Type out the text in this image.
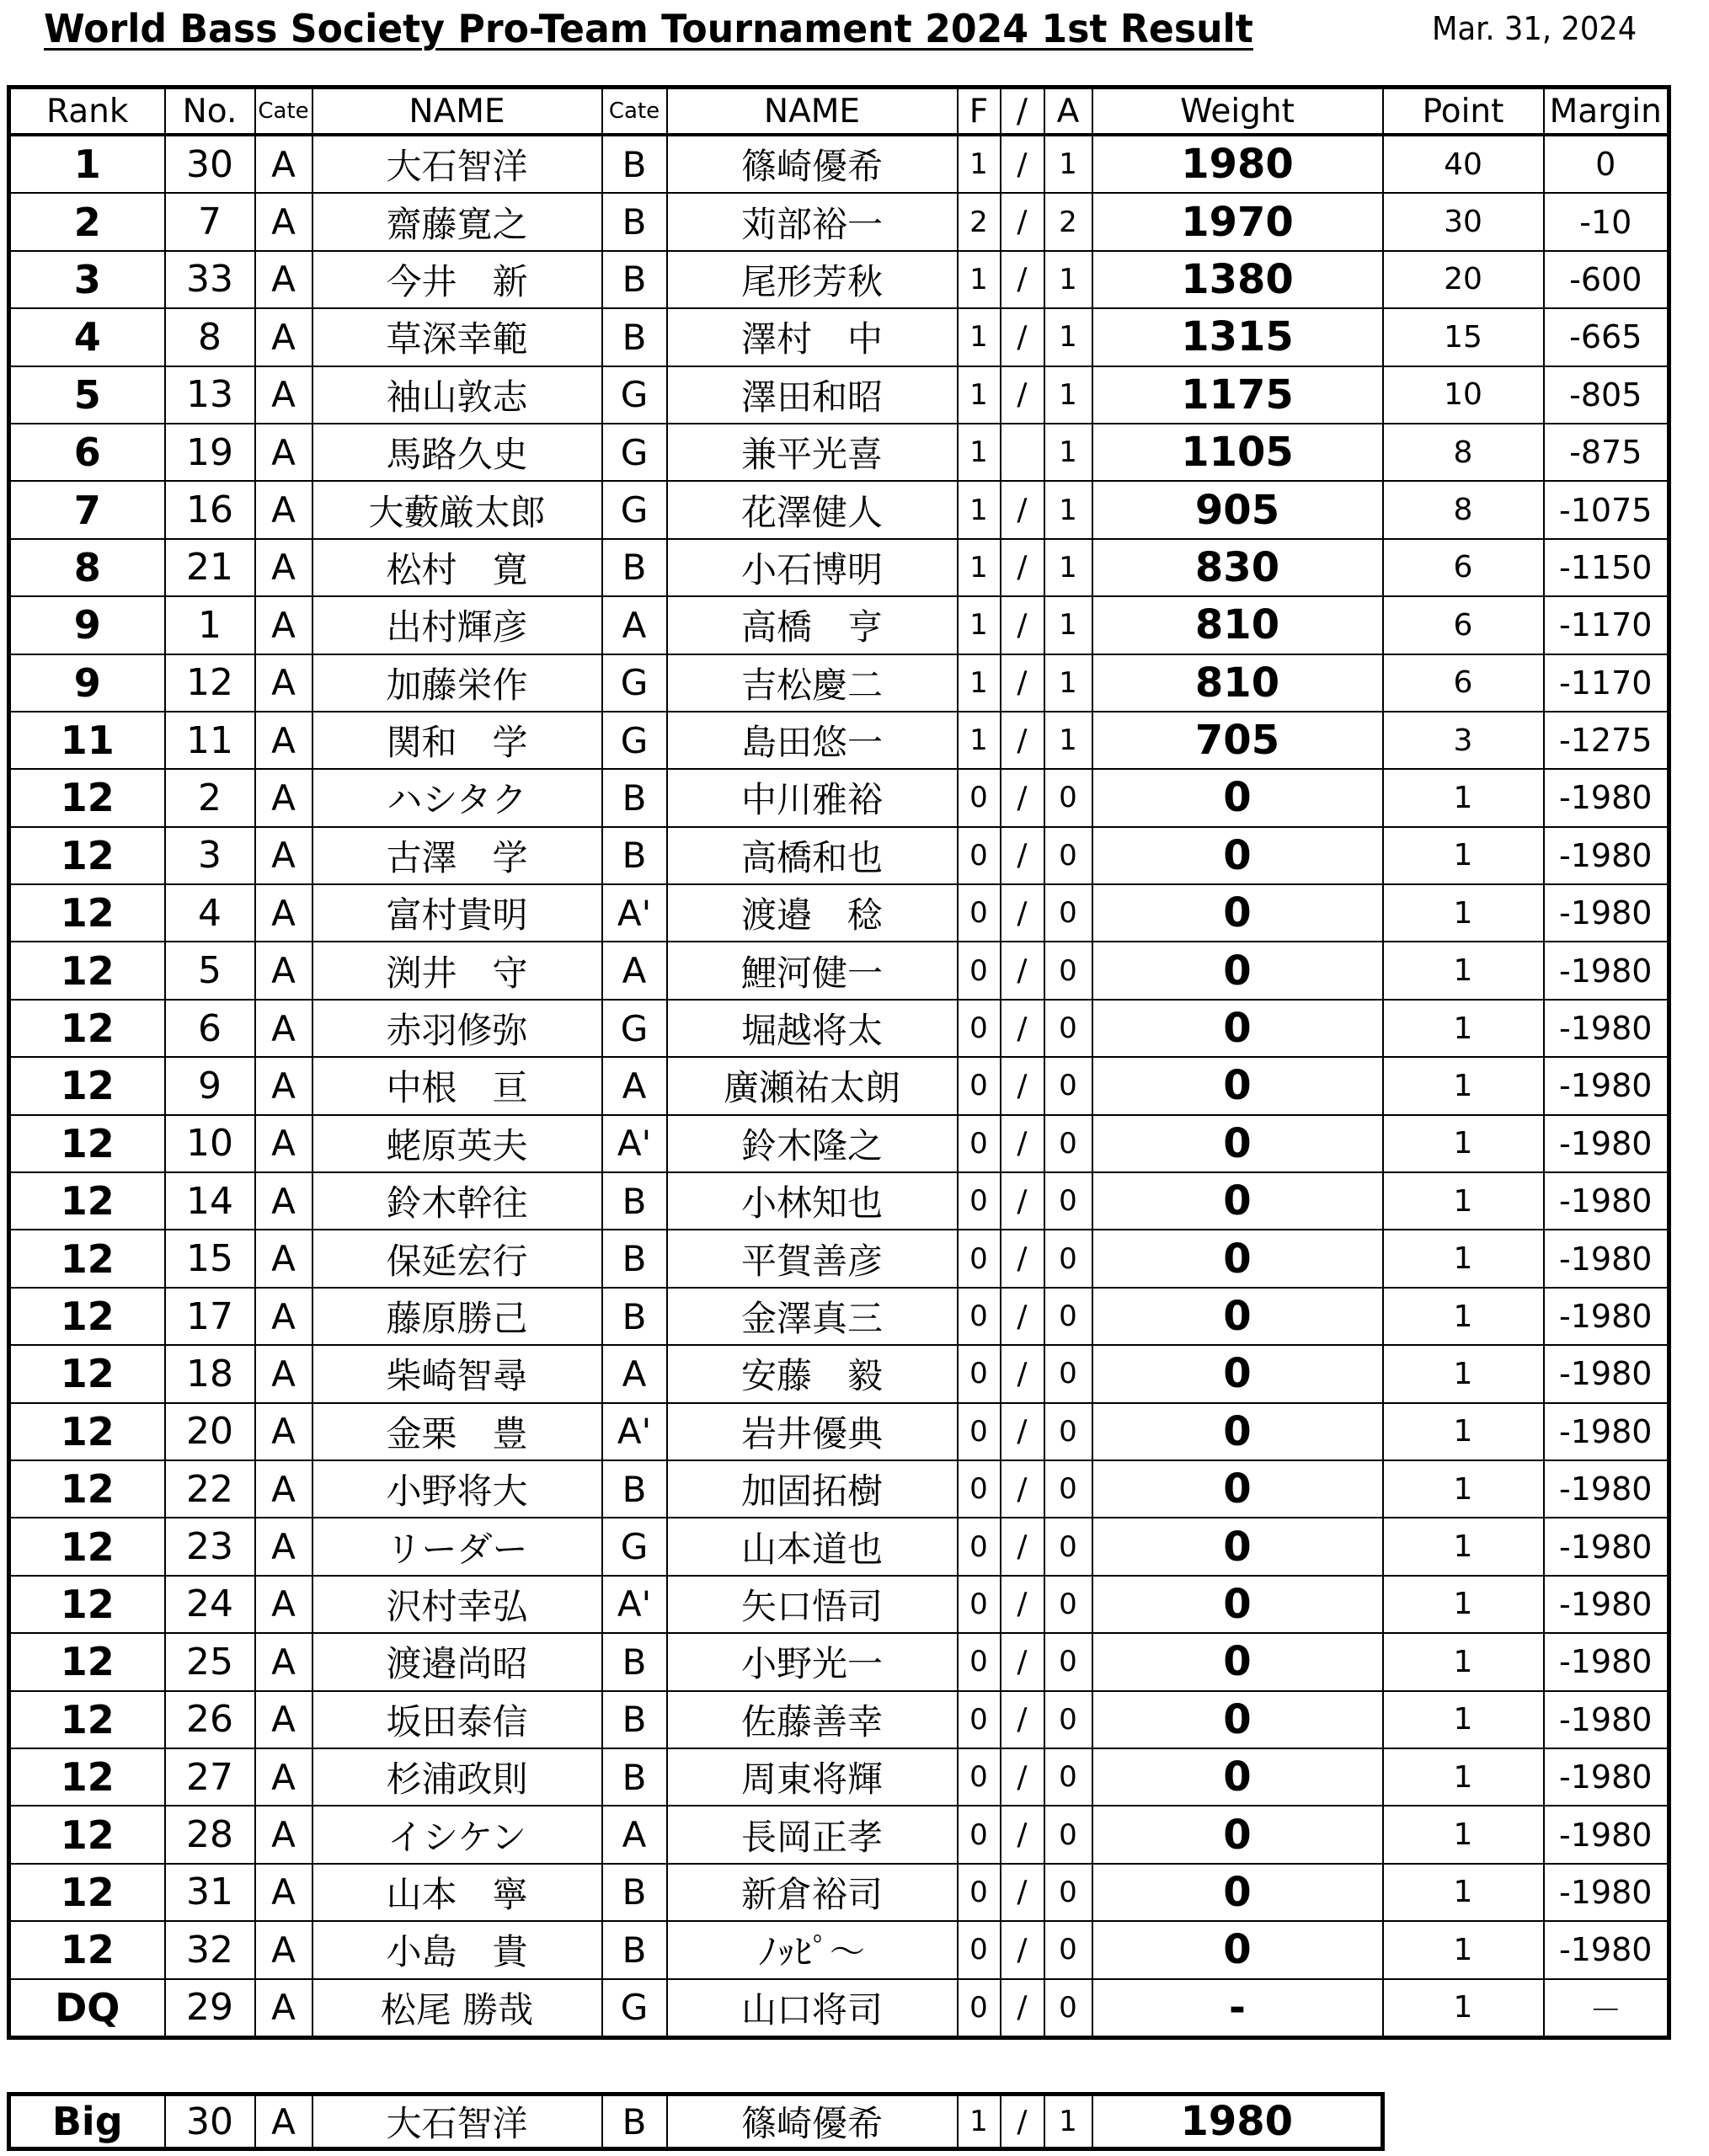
World Bass Society Pro-Team Tournament 2024 1st Result	Mar. 31, 2024
Rank	No.	Cate	NAME	Cate	NAME	F	/	A	Weight	Point	Margin
1	30	A	大石智洋	B	篠崎優希	1	/	1	1980	40	0
2	7	A	齋藤寛之	B	苅部裕一	2	/	2	1970	30	-10
3	33	A	今井　新	B	尾形芳秋	1	/	1	1380	20	-600
4	8	A	草深幸範	B	澤村　中	1	/	1	1315	15	-665
5	13	A	袖山敦志	G	澤田和昭	1	/	1	1175	10	-805
6	19	A	馬路久史	G	兼平光喜	1		1	1105	8	-875
7	16	A	大藪厳太郎	G	花澤健人	1	/	1	905	8	-1075
8	21	A	松村　寛	B	小石博明	1	/	1	830	6	-1150
9	1	A	出村輝彦	A	高橋　亨	1	/	1	810	6	-1170
9	12	A	加藤栄作	G	吉松慶二	1	/	1	810	6	-1170
11	11	A	関和　学	G	島田悠一	1	/	1	705	3	-1275
12	2	A	ハシタク	B	中川雅裕	0	/	0	0	1	-1980
12	3	A	古澤　学	B	高橋和也	0	/	0	0	1	-1980
12	4	A	富村貴明	A'	渡邉　稔	0	/	0	0	1	-1980
12	5	A	渕井　守	A	鯉河健一	0	/	0	0	1	-1980
12	6	A	赤羽修弥	G	堀越将太	0	/	0	0	1	-1980
12	9	A	中根　亘	A	廣瀬祐太朗	0	/	0	0	1	-1980
12	10	A	蛯原英夫	A'	鈴木隆之	0	/	0	0	1	-1980
12	14	A	鈴木幹往	B	小林知也	0	/	0	0	1	-1980
12	15	A	保延宏行	B	平賀善彦	0	/	0	0	1	-1980
12	17	A	藤原勝己	B	金澤真三	0	/	0	0	1	-1980
12	18	A	柴崎智尋	A	安藤　毅	0	/	0	0	1	-1980
12	20	A	金栗　豊	A'	岩井優典	0	/	0	0	1	-1980
12	22	A	小野将大	B	加固拓樹	0	/	0	0	1	-1980
12	23	A	リーダー	G	山本道也	0	/	0	0	1	-1980
12	24	A	沢村幸弘	A'	矢口悟司	0	/	0	0	1	-1980
12	25	A	渡邉尚昭	B	小野光一	0	/	0	0	1	-1980
12	26	A	坂田泰信	B	佐藤善幸	0	/	0	0	1	-1980
12	27	A	杉浦政則	B	周東将輝	0	/	0	0	1	-1980
12	28	A	イシケン	A	長岡正孝	0	/	0	0	1	-1980
12	31	A	山本　寧	B	新倉裕司	0	/	0	0	1	-1980
12	32	A	小島　貴	B	ﾉｯﾋﾟ～	0	/	0	0	1	-1980
DQ	29	A	松尾 勝哉	G	山口将司	0	/	0	-	1	－
Big	30	A	大石智洋	B	篠崎優希	1	/	1	1980
